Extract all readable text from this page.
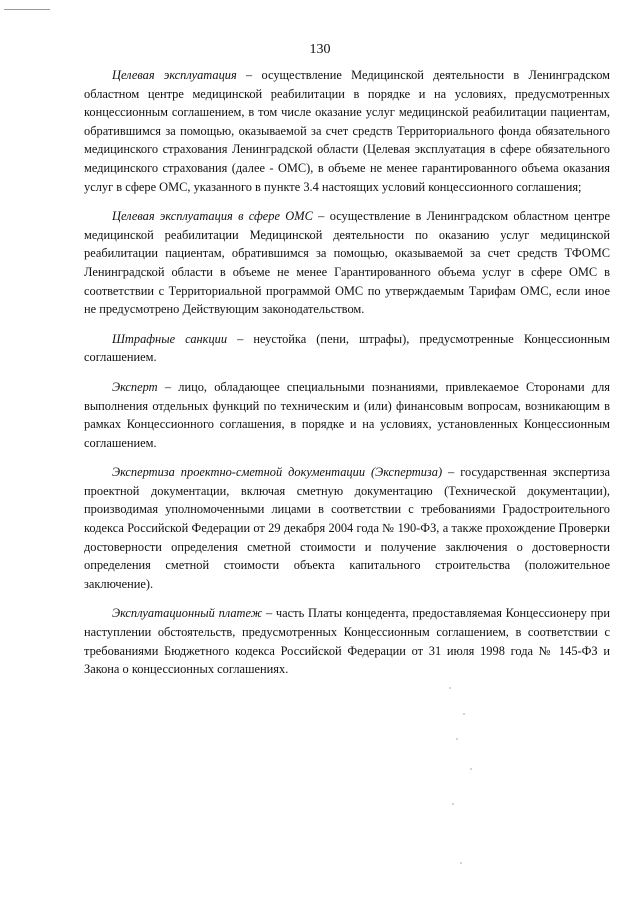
130

Целевая эксплуатация – осуществление Медицинской деятельности в Ленинградском областном центре медицинской реабилитации в порядке и на условиях, предусмотренных концессионным соглашением, в том числе оказание услуг медицинской реабилитации пациентам, обратившимся за помощью, оказываемой за счет средств Территориального фонда обязательного медицинского страхования Ленинградской области (Целевая эксплуатация в сфере обязательного медицинского страхования (далее - ОМС), в объеме не менее гарантированного объема оказания услуг в сфере ОМС, указанного в пункте 3.4 настоящих условий концессионного соглашения;

Целевая эксплуатация в сфере ОМС – осуществление в Ленинградском областном центре медицинской реабилитации Медицинской деятельности по оказанию услуг медицинской реабилитации пациентам, обратившимся за помощью, оказываемой за счет средств ТФОМС Ленинградской области в объеме не менее Гарантированного объема услуг в сфере ОМС в соответствии с Территориальной программой ОМС по утверждаемым Тарифам ОМС, если иное не предусмотрено Действующим законодательством.

Штрафные санкции – неустойка (пени, штрафы), предусмотренные Концессионным соглашением.

Эксперт – лицо, обладающее специальными познаниями, привлекаемое Сторонами для выполнения отдельных функций по техническим и (или) финансовым вопросам, возникающим в рамках Концессионного соглашения, в порядке и на условиях, установленных Концессионным соглашением.

Экспертиза проектно-сметной документации (Экспертиза) – государственная экспертиза проектной документации, включая сметную документацию (Технической документации), производимая уполномоченными лицами в соответствии с требованиями Градостроительного кодекса Российской Федерации от 29 декабря 2004 года № 190-ФЗ, а также прохождение Проверки достоверности определения сметной стоимости и получение заключения о достоверности определения сметной стоимости объекта капитального строительства (положительное заключение).

Эксплуатационный платеж – часть Платы концедента, предоставляемая Концессионеру при наступлении обстоятельств, предусмотренных Концессионным соглашением, в соответствии с требованиями Бюджетного кодекса Российской Федерации от 31 июля 1998 года № 145-ФЗ и Закона о концессионных соглашениях.
